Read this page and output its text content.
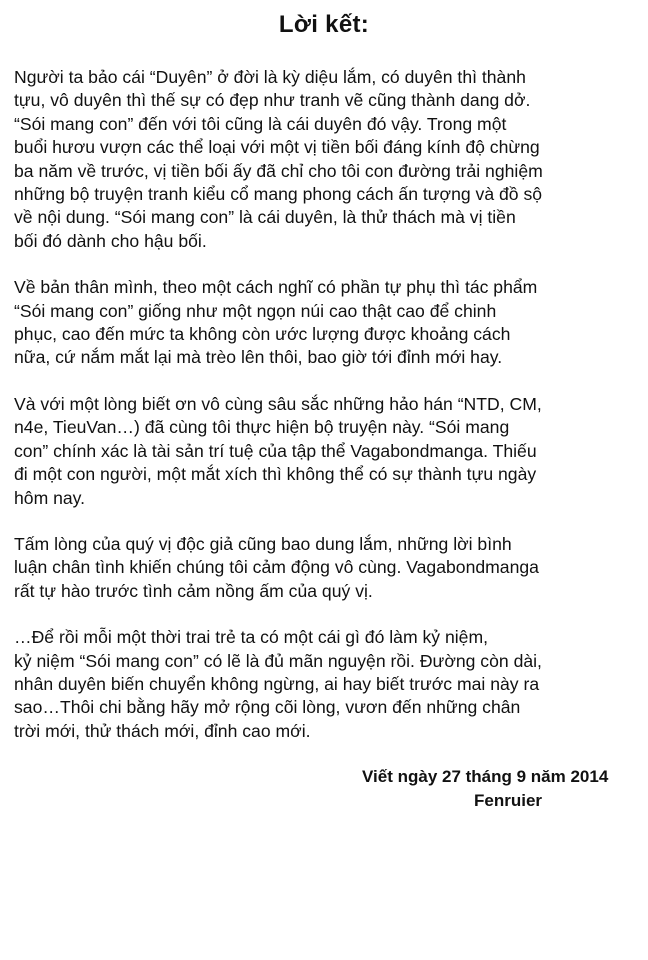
Lời kết:
Người ta bảo cái “Duyên” ở đời là kỳ diệu lắm, có duyên thì thành
tựu, vô duyên thì thế sự có đẹp như tranh vẽ cũng thành dang dở.
“Sói mang con” đến với tôi cũng là cái duyên đó vậy. Trong một
buổi hươu vượn các thể loại với một vị tiền bối đáng kính độ chừng
ba năm về trước, vị tiền bối ấy đã chỉ cho tôi con đường trải nghiệm
những bộ truyện tranh kiểu cổ mang phong cách ấn tượng và đồ sộ
về nội dung. “Sói mang con” là cái duyên, là thử thách mà vị tiền
bối đó dành cho hậu bối.
Về bản thân mình, theo một cách nghĩ có phần tự phụ thì tác phẩm
“Sói mang con” giống như một ngọn núi cao thật cao để chinh
phục, cao đến mức ta không còn ước lượng được khoảng cách
nữa, cứ nắm mắt lại mà trèo lên thôi, bao giờ tới đỉnh mới hay.
Và với một lòng biết ơn vô cùng sâu sắc những hảo hán “NTD, CM,
n4e, TieuVan…) đã cùng tôi thực hiện bộ truyện này. “Sói mang
con” chính xác là tài sản trí tuệ của tập thể Vagabondmanga. Thiếu
đi một con người, một mắt xích thì không thể có sự thành tựu ngày
hôm nay.
Tấm lòng của quý vị độc giả cũng bao dung lắm, những lời bình
luận chân tình khiến chúng tôi cảm động vô cùng. Vagabondmanga
rất tự hào trước tình cảm nồng ấm của quý vị.
…Để rồi mỗi một thời trai trẻ ta có một cái gì đó làm kỷ niệm,
kỷ niệm “Sói mang con” có lẽ là đủ mãn nguyện rồi. Đường còn dài,
nhân duyên biến chuyển không ngừng, ai hay biết trước mai này ra
sao…Thôi chi bằng hãy mở rộng cõi lòng, vươn đến những chân
trời mới, thử thách mới, đỉnh cao mới.
Viết ngày 27 tháng 9 năm 2014
Fenruier
